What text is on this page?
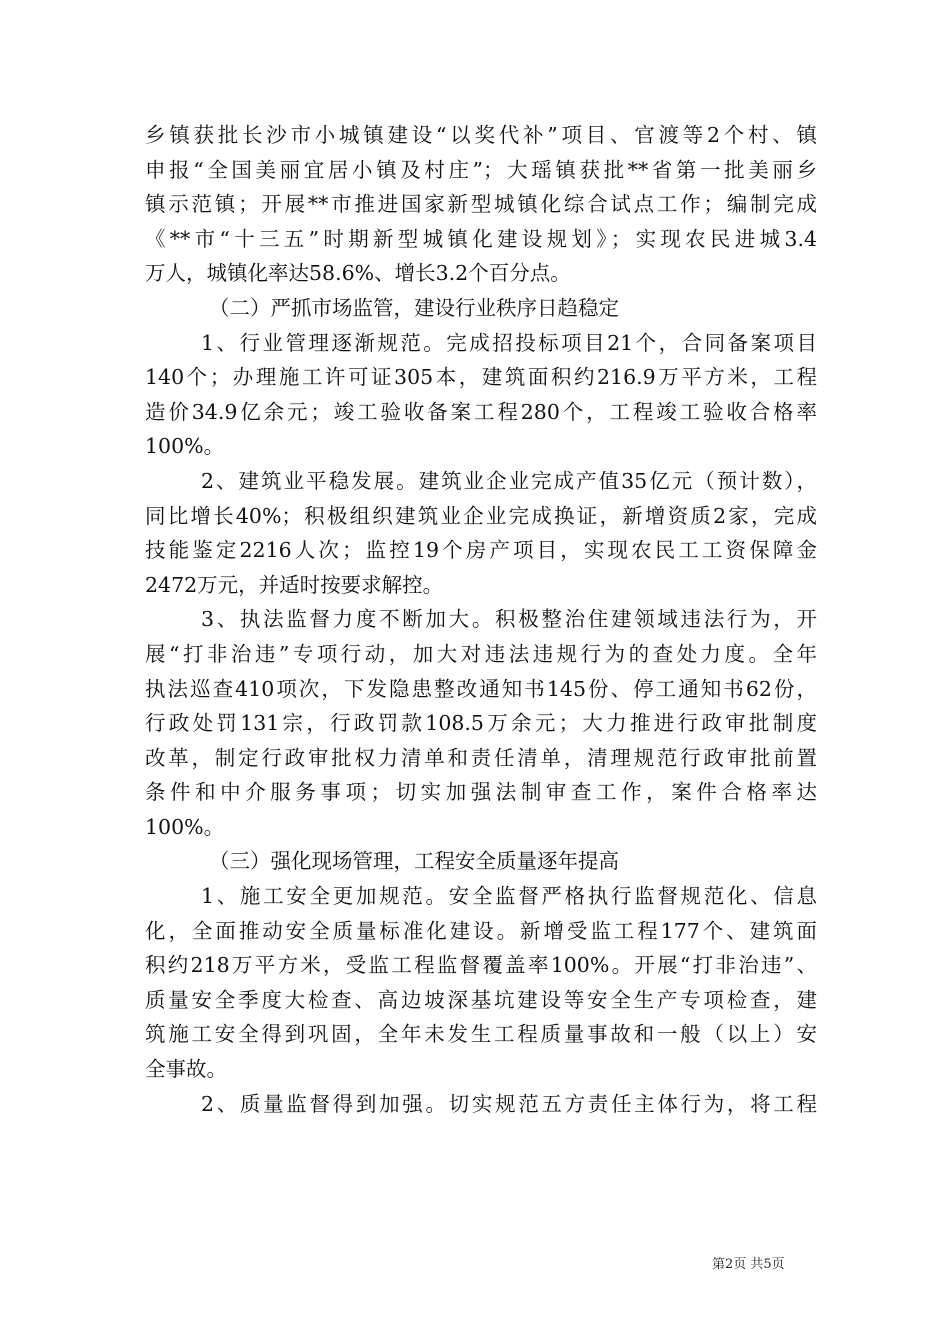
乡镇获批长沙市小城镇建设“以奖代补”项目、官渡等2个村、镇
申报“全国美丽宜居小镇及村庄”；大瑶镇获批**省第一批美丽乡
镇示范镇；开展**市推进国家新型城镇化综合试点工作；编制完成
《**市“十三五”时期新型城镇化建设规划》；实现农民进城3.4
万人，城镇化率达58.6%、增长3.2个百分点。
（二）严抓市场监管，建设行业秩序日趋稳定
1、行业管理逐渐规范。完成招投标项目21个，合同备案项目
140个；办理施工许可证305本，建筑面积约216.9万平方米，工程
造价34.9亿余元；竣工验收备案工程280个，工程竣工验收合格率
100%。
2、建筑业平稳发展。建筑业企业完成产值35亿元（预计数），
同比增长40%；积极组织建筑业企业完成换证，新增资质2家，完成
技能鉴定2216人次；监控19个房产项目，实现农民工工资保障金
2472万元，并适时按要求解控。
3、执法监督力度不断加大。积极整治住建领域违法行为，开
展“打非治违”专项行动，加大对违法违规行为的查处力度。全年
执法巡查410项次，下发隐患整改通知书145份、停工通知书62份，
行政处罚131宗，行政罚款108.5万余元；大力推进行政审批制度
改革，制定行政审批权力清单和责任清单，清理规范行政审批前置
条件和中介服务事项；切实加强法制审查工作，案件合格率达
100%。
（三）强化现场管理，工程安全质量逐年提高
1、施工安全更加规范。安全监督严格执行监督规范化、信息
化，全面推动安全质量标准化建设。新增受监工程177个、建筑面
积约218万平方米，受监工程监督覆盖率100%。开展“打非治违”、
质量安全季度大检查、高边坡深基坑建设等安全生产专项检查，建
筑施工安全得到巩固，全年未发生工程质量事故和一般（以上）安
全事故。
2、质量监督得到加强。切实规范五方责任主体行为，将工程
第2页 共5页
